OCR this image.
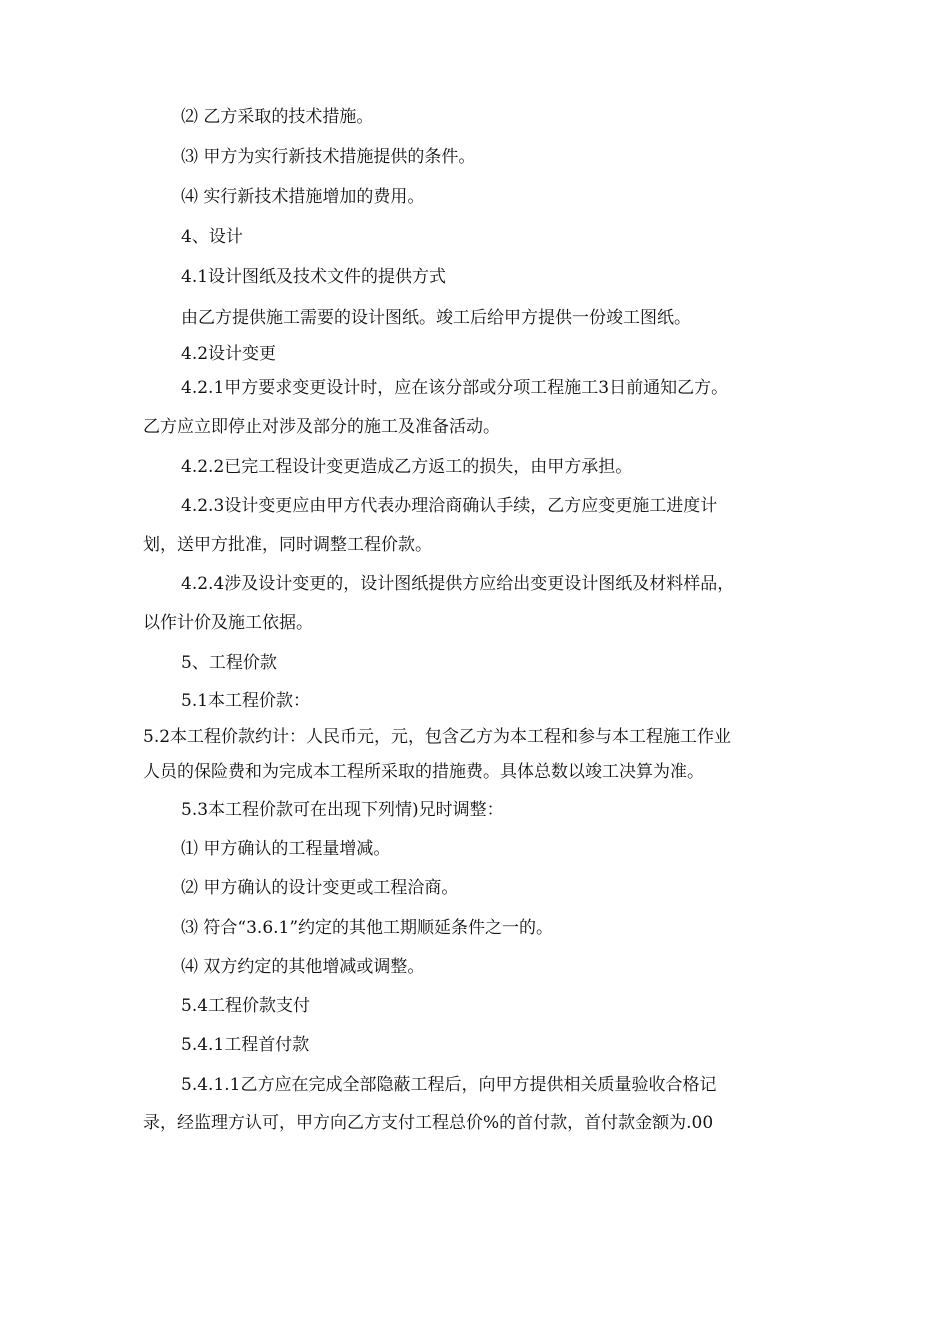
⑵ 乙方采取的技术措施。
⑶ 甲方为实行新技术措施提供的条件。
⑷ 实行新技术措施增加的费用。
4、设计
4.1设计图纸及技术文件的提供方式
由乙方提供施工需要的设计图纸。竣工后给甲方提供一份竣工图纸。
4.2设计变更
4.2.1甲方要求变更设计时，应在该分部或分项工程施工3日前通知乙方。
乙方应立即停止对涉及部分的施工及准备活动。
4.2.2已完工程设计变更造成乙方返工的损失，由甲方承担。
4.2.3设计变更应由甲方代表办理洽商确认手续，乙方应变更施工进度计
划，送甲方批准，同时调整工程价款。
4.2.4涉及设计变更的，设计图纸提供方应给出变更设计图纸及材料样品，
以作计价及施工依据。
5、工程价款
5.1本工程价款：
5.2本工程价款约计：人民币元，元，包含乙方为本工程和参与本工程施工作业
人员的保险费和为完成本工程所采取的措施费。具体总数以竣工决算为准。
5.3本工程价款可在出现下列情)兄时调整：
⑴ 甲方确认的工程量增减。
⑵ 甲方确认的设计变更或工程洽商。
⑶ 符合“3.6.1”约定的其他工期顺延条件之一的。
⑷ 双方约定的其他增减或调整。
5.4工程价款支付
5.4.1工程首付款
5.4.1.1乙方应在完成全部隐蔽工程后，向甲方提供相关质量验收合格记
录，经监理方认可，甲方向乙方支付工程总价%的首付款，首付款金额为.00
